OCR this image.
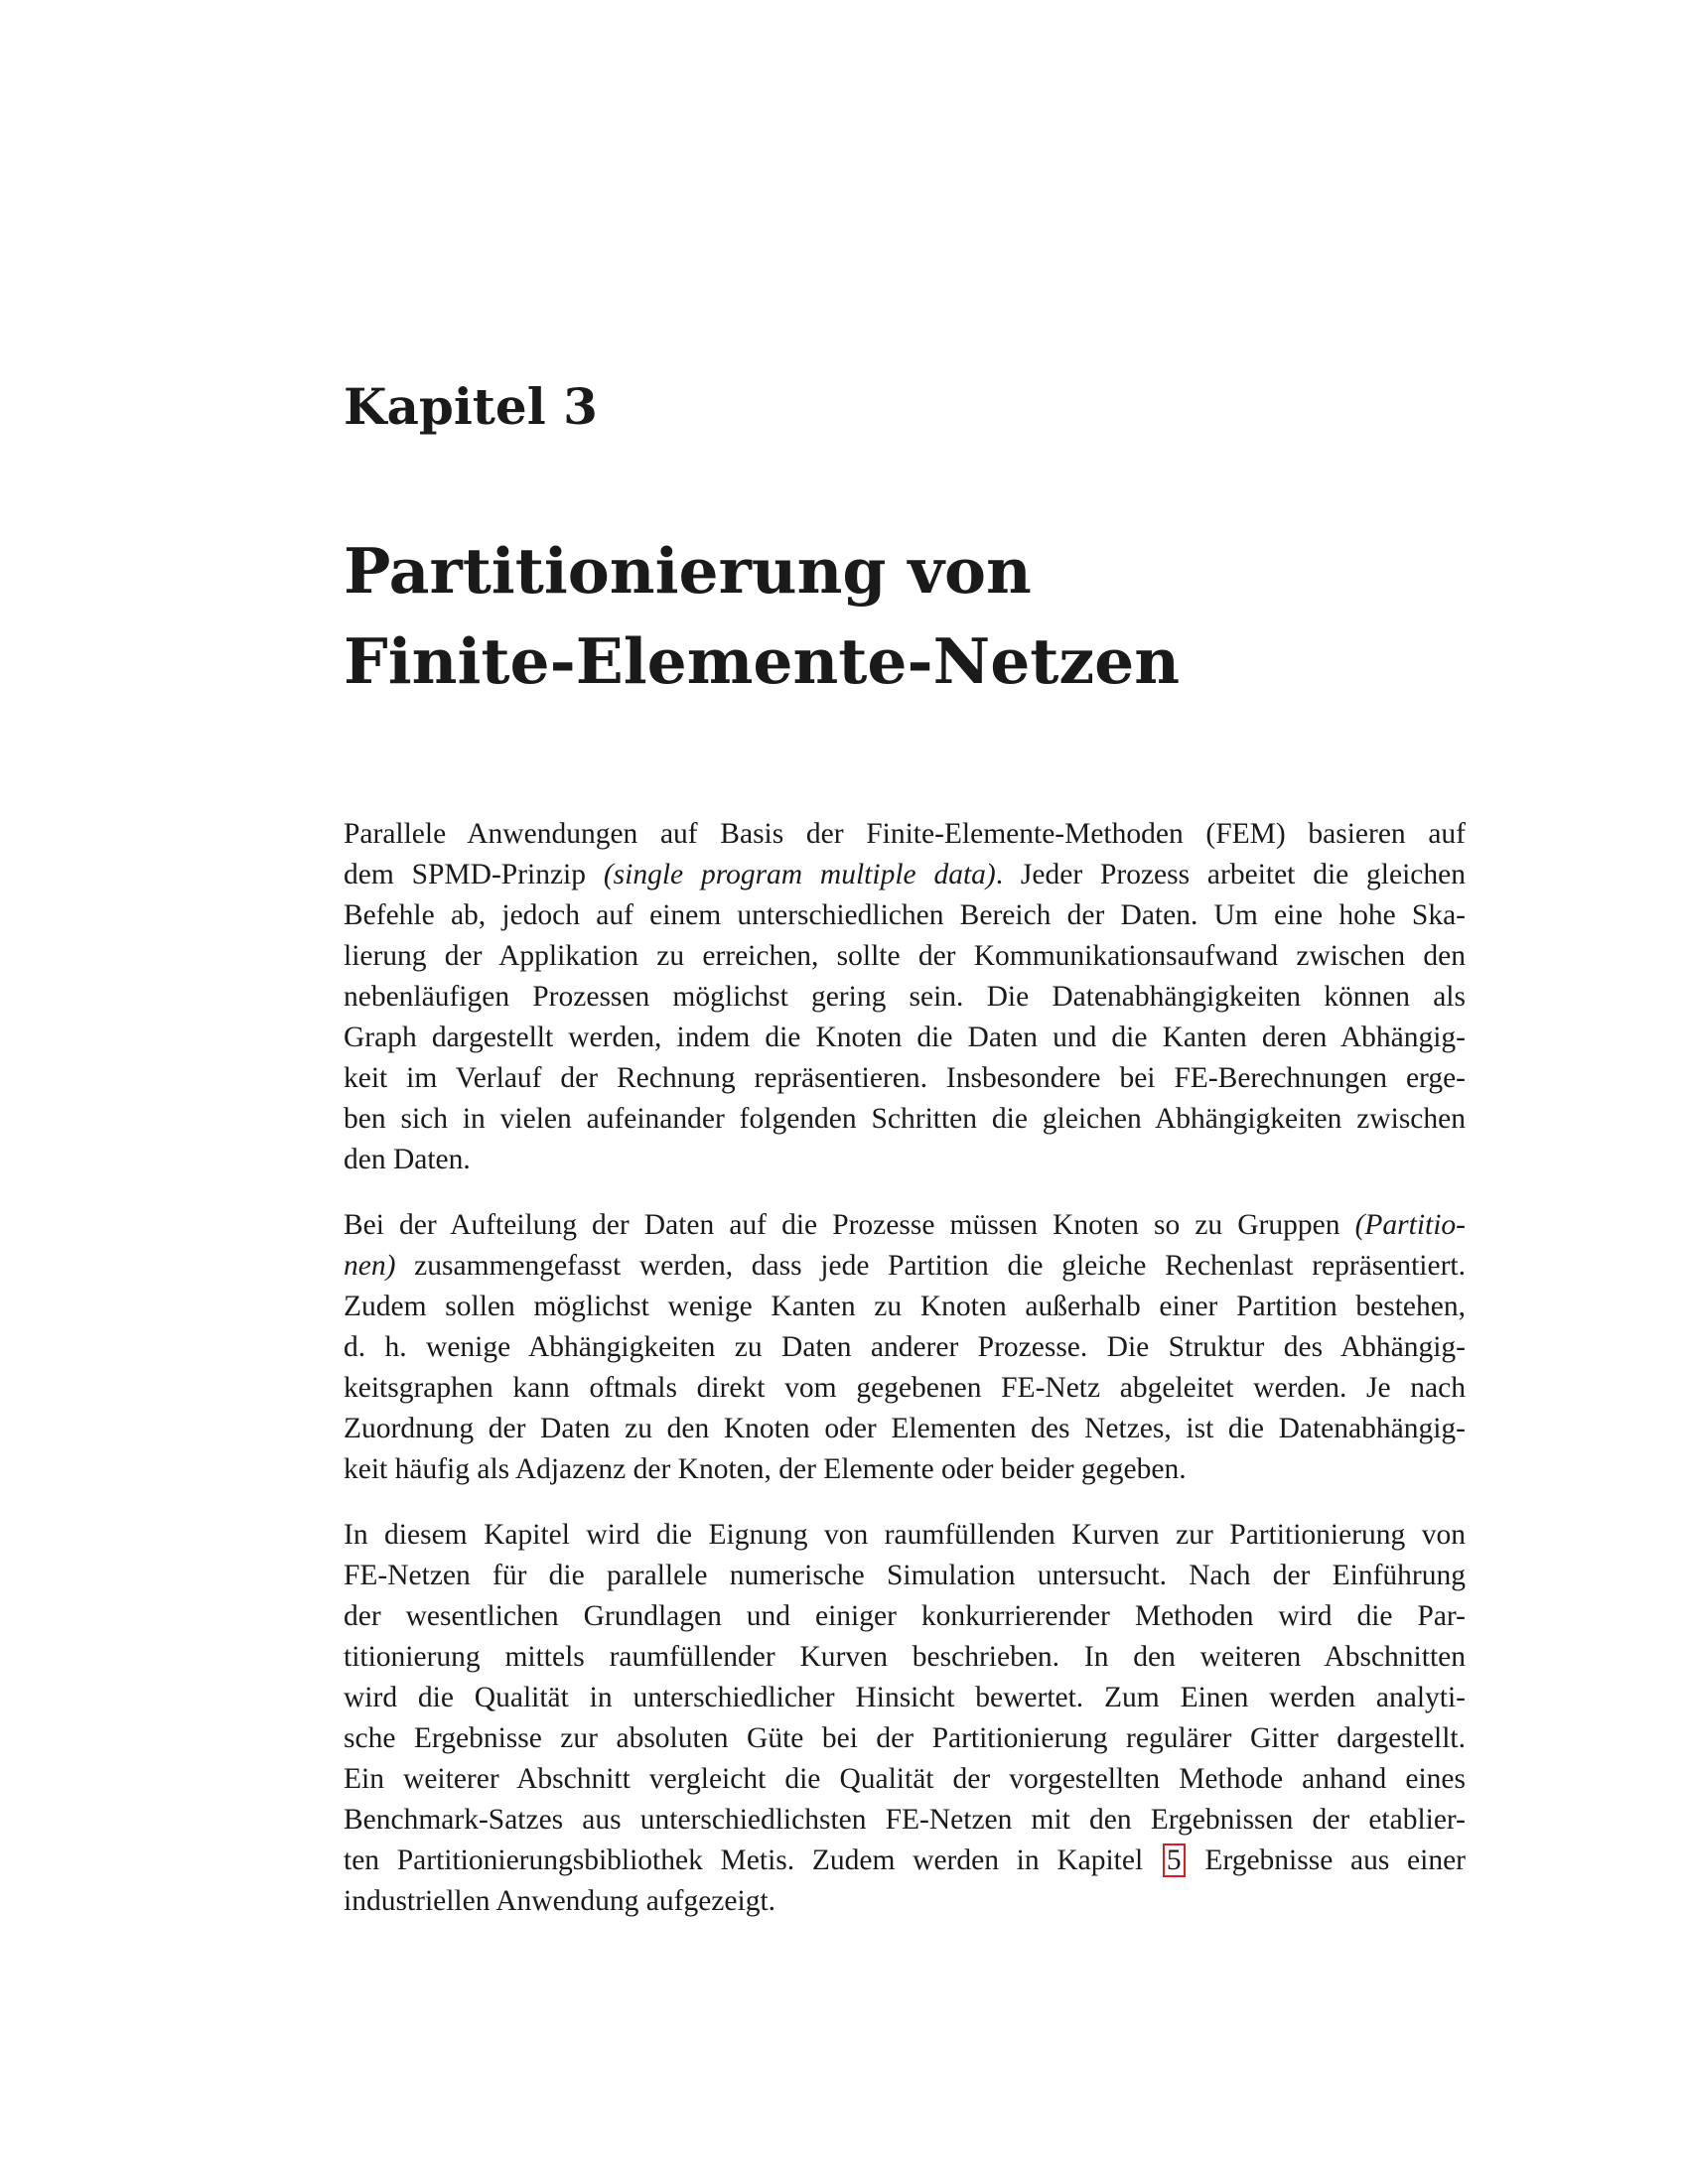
Kapitel 3
Partitionierung von
Finite-Elemente-Netzen

Parallele Anwendungen auf Basis der Finite-Elemente-Methoden (FEM) basieren auf
dem SPMD-Prinzip (single program multiple data). Jeder Prozess arbeitet die gleichen
Befehle ab, jedoch auf einem unterschiedlichen Bereich der Daten. Um eine hohe Ska-
lierung der Applikation zu erreichen, sollte der Kommunikationsaufwand zwischen den
nebenläufigen Prozessen möglichst gering sein. Die Datenabhängigkeiten können als
Graph dargestellt werden, indem die Knoten die Daten und die Kanten deren Abhängig-
keit im Verlauf der Rechnung repräsentieren. Insbesondere bei FE-Berechnungen erge-
ben sich in vielen aufeinander folgenden Schritten die gleichen Abhängigkeiten zwischen
den Daten.

Bei der Aufteilung der Daten auf die Prozesse müssen Knoten so zu Gruppen (Partitio-
nen) zusammengefasst werden, dass jede Partition die gleiche Rechenlast repräsentiert.
Zudem sollen möglichst wenige Kanten zu Knoten außerhalb einer Partition bestehen,
d. h. wenige Abhängigkeiten zu Daten anderer Prozesse. Die Struktur des Abhängig-
keitsgraphen kann oftmals direkt vom gegebenen FE-Netz abgeleitet werden. Je nach
Zuordnung der Daten zu den Knoten oder Elementen des Netzes, ist die Datenabhängig-
keit häufig als Adjazenz der Knoten, der Elemente oder beider gegeben.

In diesem Kapitel wird die Eignung von raumfüllenden Kurven zur Partitionierung von
FE-Netzen für die parallele numerische Simulation untersucht. Nach der Einführung
der wesentlichen Grundlagen und einiger konkurrierender Methoden wird die Par-
titionierung mittels raumfüllender Kurven beschrieben. In den weiteren Abschnitten
wird die Qualität in unterschiedlicher Hinsicht bewertet. Zum Einen werden analyti-
sche Ergebnisse zur absoluten Güte bei der Partitionierung regulärer Gitter dargestellt.
Ein weiterer Abschnitt vergleicht die Qualität der vorgestellten Methode anhand eines
Benchmark-Satzes aus unterschiedlichsten FE-Netzen mit den Ergebnissen der etablier-
ten Partitionierungsbibliothek Metis. Zudem werden in Kapitel 5 Ergebnisse aus einer
industriellen Anwendung aufgezeigt.
